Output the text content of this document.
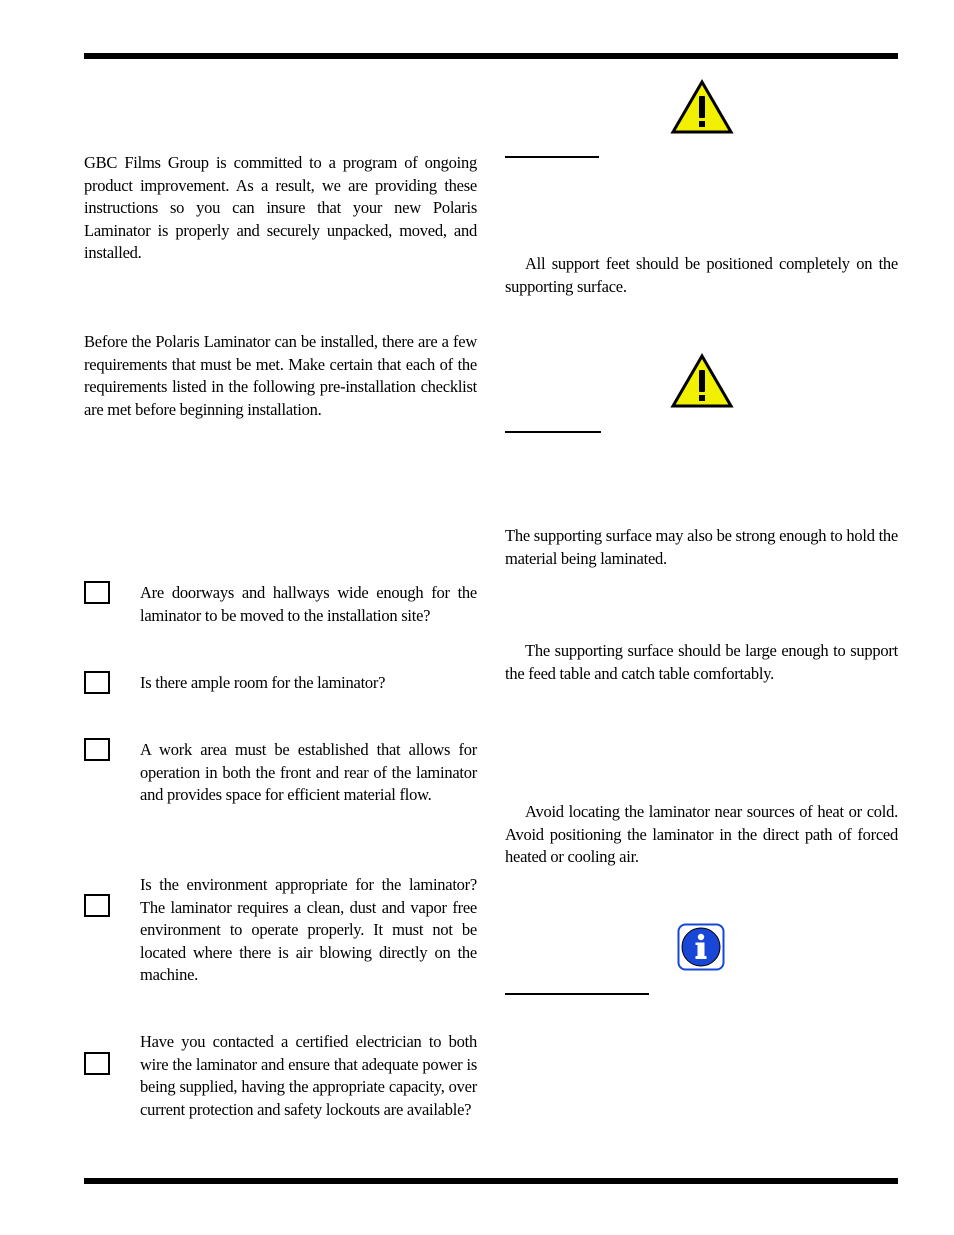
GBC Films Group is committed to a program of ongoing product improvement. As a result, we are providing these instructions so you can insure that your new Polaris Laminator is properly and securely unpacked, moved, and installed.
Before the Polaris Laminator can be installed, there are a few requirements that must be met. Make certain that each of the requirements listed in the following pre-installation checklist are met before beginning installation.
Are doorways and hallways wide enough for the laminator to be moved to the installation site?
Is there ample room for the laminator?
A work area must be established that allows for operation in both the front and rear of the laminator and provides space for efficient material flow.
Is the environment appropriate for the laminator? The laminator requires a clean, dust and vapor free environment to operate properly. It must not be located where there is air blowing directly on the machine.
Have you contacted a certified electrician to both wire the laminator and ensure that adequate power is being supplied, having the appropriate capacity, over current protection and safety lockouts are available?
All support feet should be positioned completely on the supporting surface.
The supporting surface may also be strong enough to hold the material being laminated.
The supporting surface should be large enough to support the feed table and catch table comfortably.
Avoid locating the laminator near sources of heat or cold. Avoid positioning the laminator in the direct path of forced heated or cooling air.
